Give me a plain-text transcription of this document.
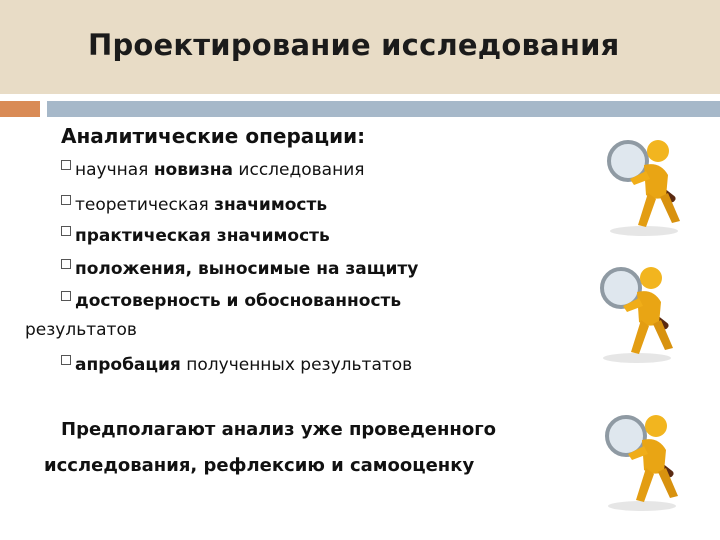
Проектирование исследования
Аналитические операции:
научная новизна исследования
теоретическая значимость
практическая значимость
положения, выносимые на защиту
достоверность и обоснованность
результатов
апробация полученных результатов
Предполагают анализ уже проведенного
исследования, рефлексию и самооценку
